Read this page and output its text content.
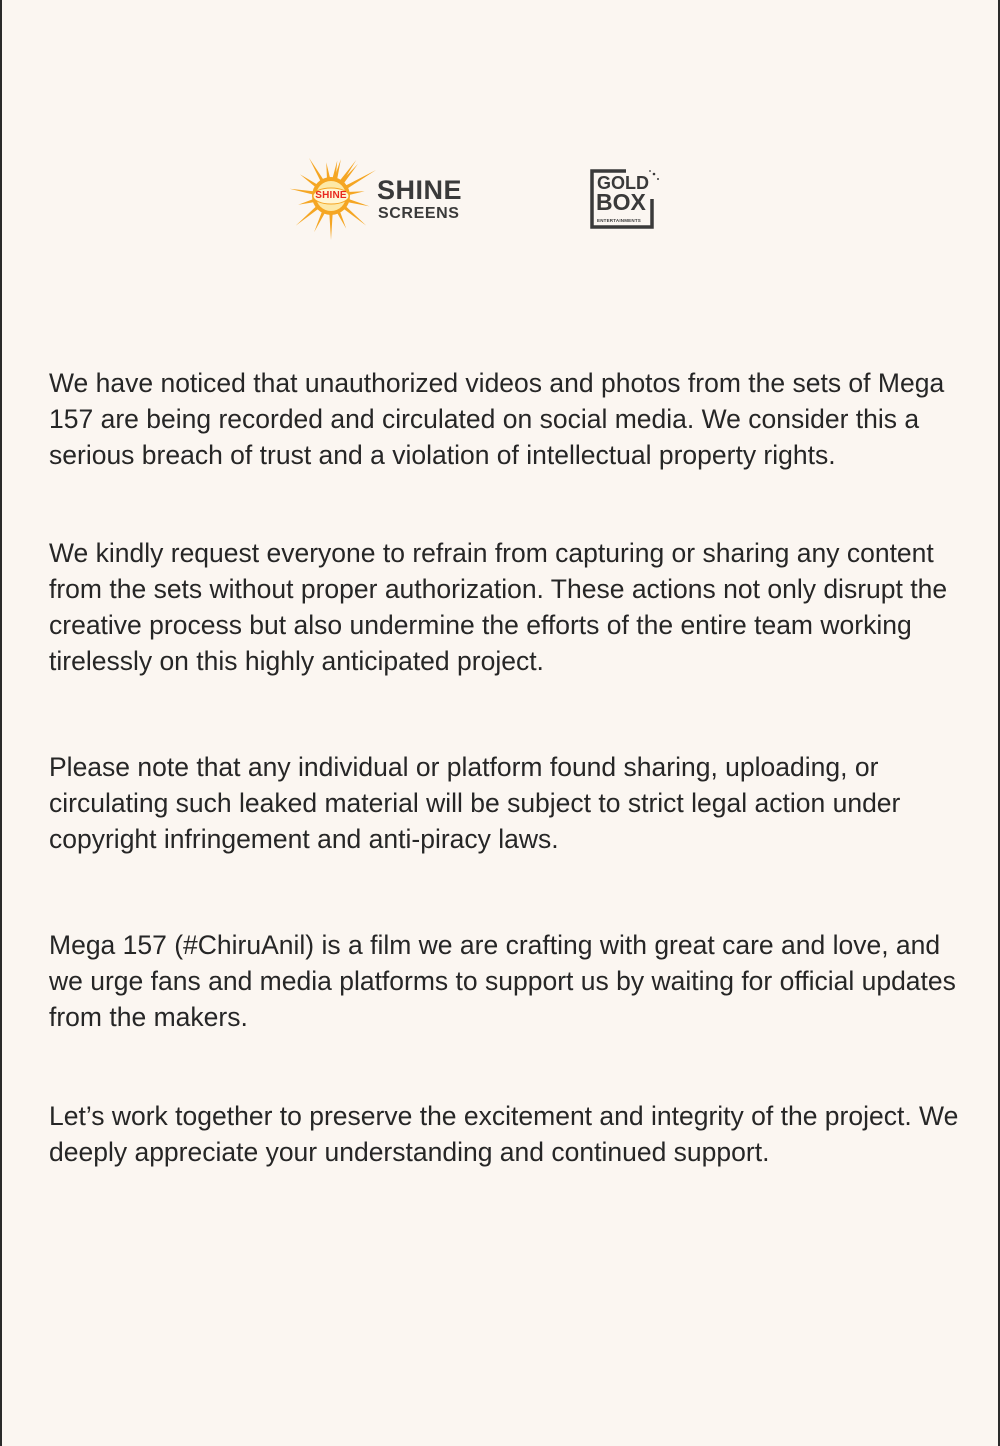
SHINE SHINE
SCREENS
GOLD
BOX
ENTERTAINMENTS

We have noticed that unauthorized videos and photos from the sets of Mega 157 are being recorded and circulated on social media. We consider this a serious breach of trust and a violation of intellectual property rights.

We kindly request everyone to refrain from capturing or sharing any content from the sets without proper authorization. These actions not only disrupt the creative process but also undermine the efforts of the entire team working tirelessly on this highly anticipated project.

Please note that any individual or platform found sharing, uploading, or circulating such leaked material will be subject to strict legal action under copyright infringement and anti-piracy laws.

Mega 157 (#ChiruAnil) is a film we are crafting with great care and love, and we urge fans and media platforms to support us by waiting for official updates from the makers.

Let’s work together to preserve the excitement and integrity of the project. We deeply appreciate your understanding and continued support.
